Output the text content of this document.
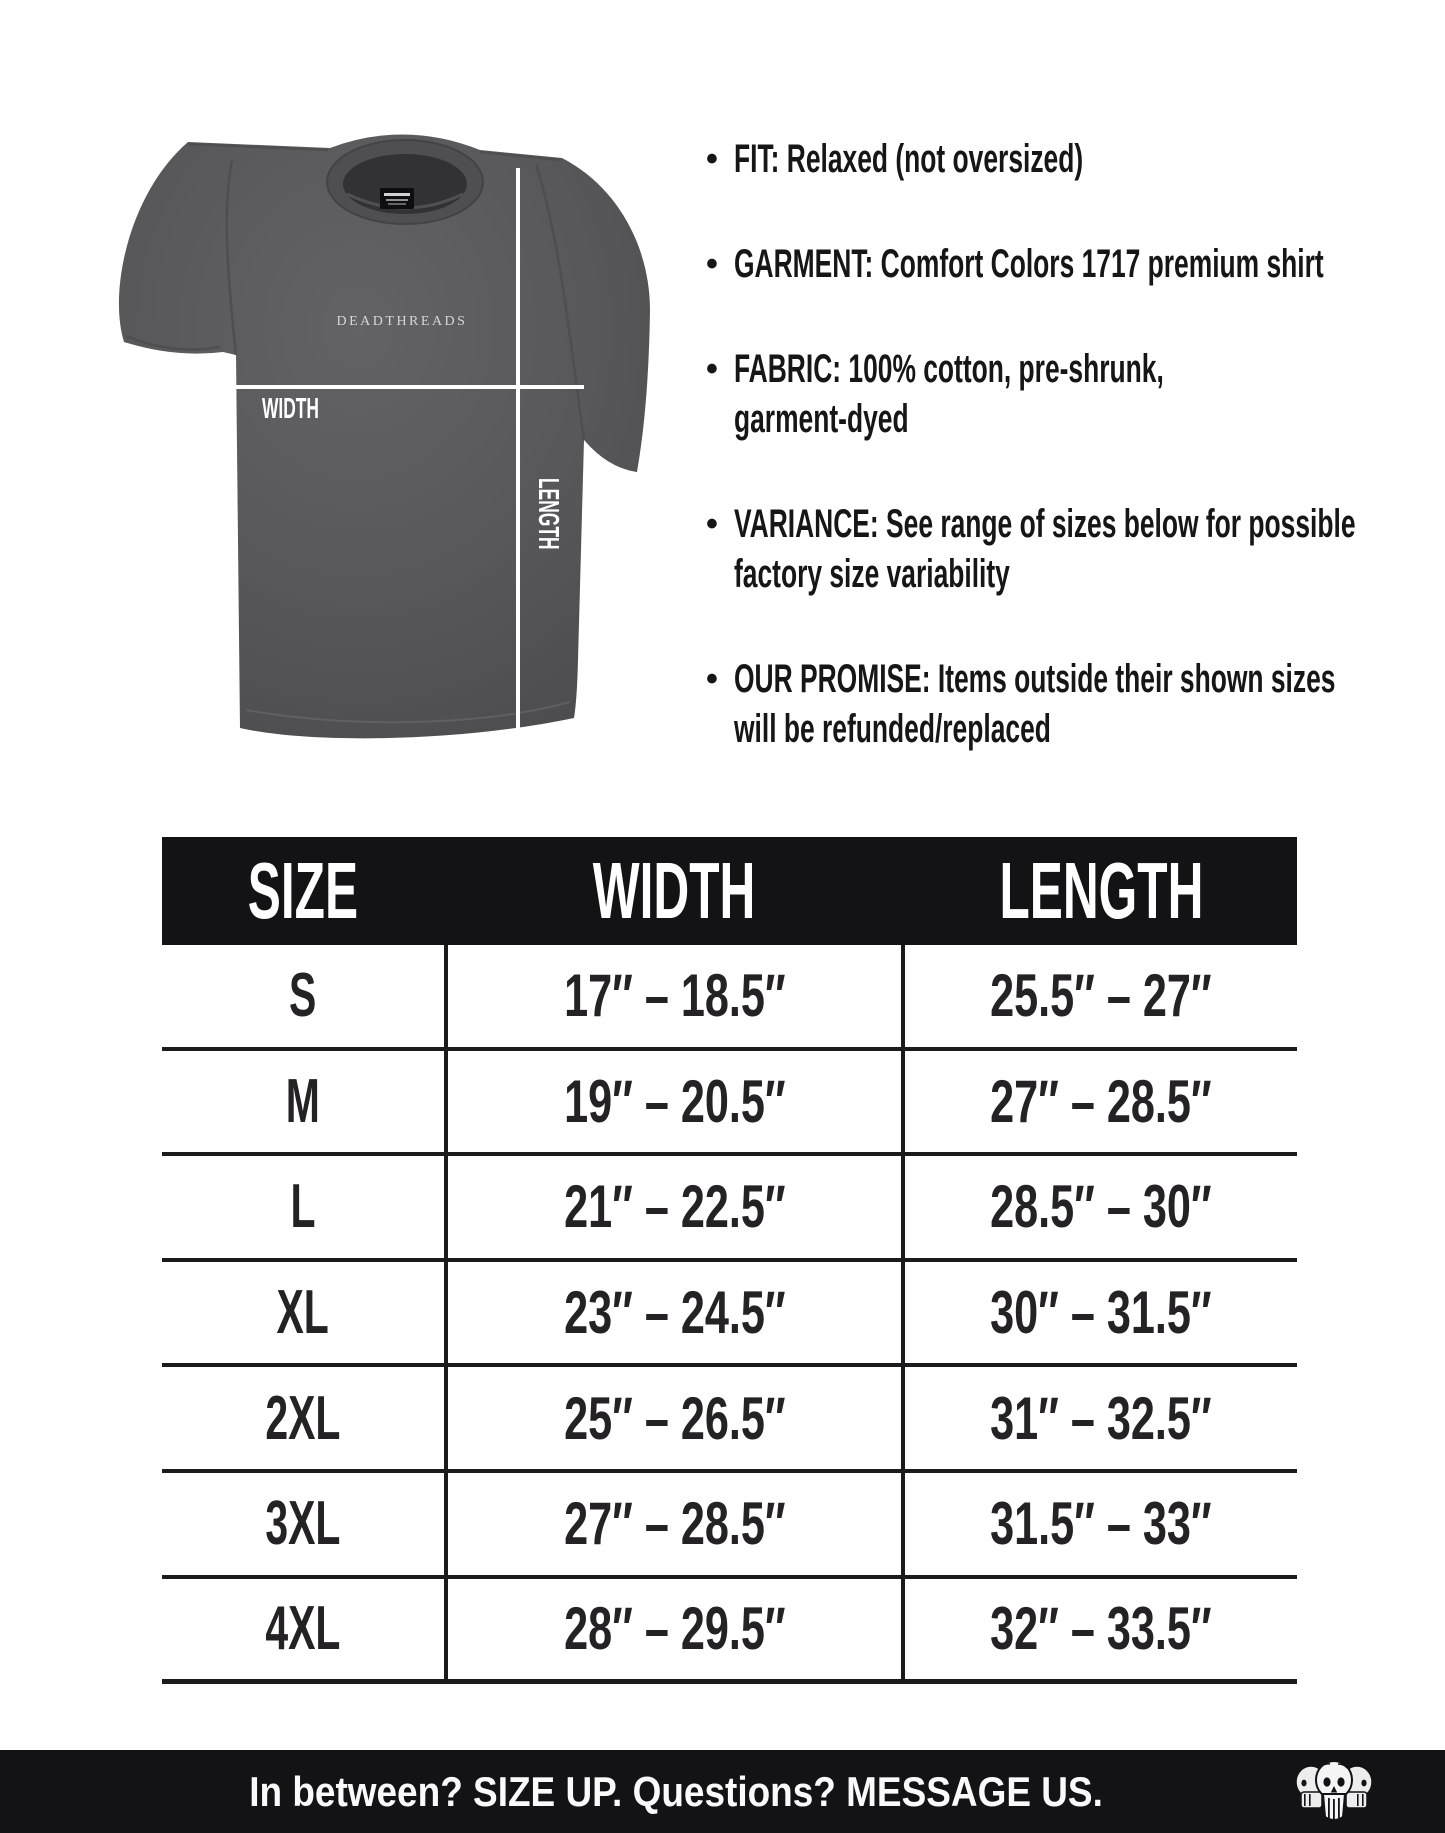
DEADTHREADS
WIDTH
LENGTH
• FIT: Relaxed (not oversized)
• GARMENT: Comfort Colors 1717 premium shirt
• FABRIC: 100% cotton, pre-shrunk,
garment-dyed
• VARIANCE: See range of sizes below for possible
factory size variability
• OUR PROMISE: Items outside their shown sizes
will be refunded/replaced
SIZE	WIDTH	LENGTH
S	17″ – 18.5″	25.5″ – 27″
M	19″ – 20.5″	27″ – 28.5″
L	21″ – 22.5″	28.5″ – 30″
XL	23″ – 24.5″	30″ – 31.5″
2XL	25″ – 26.5″	31″ – 32.5″
3XL	27″ – 28.5″	31.5″ – 33″
4XL	28″ – 29.5″	32″ – 33.5″
In between? SIZE UP. Questions? MESSAGE US.
